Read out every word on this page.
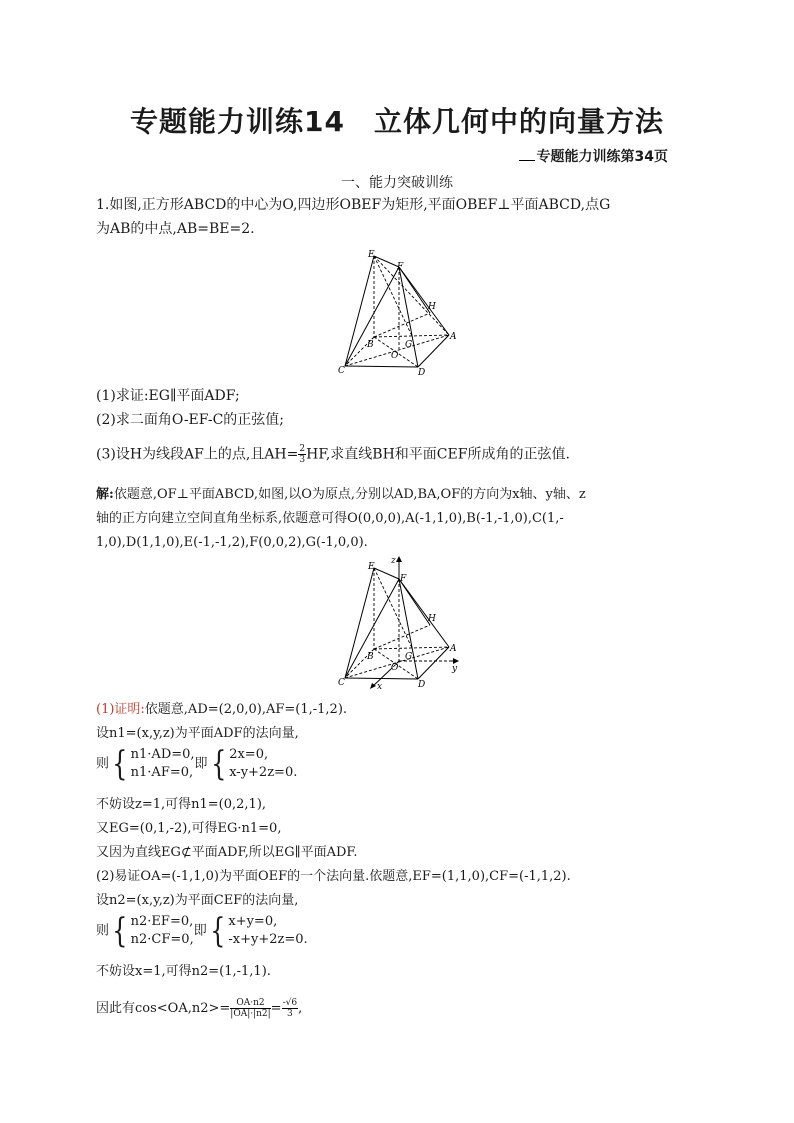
专题能力训练14　立体几何中的向量方法
专题能力训练第34页
一、能力突破训练
1.如图,正方形ABCD的中心为O,四边形OBEF为矩形,平面OBEF⊥平面ABCD,点G
为AB的中点,AB=BE=2.
E
F
H
A
B	G
O
C	D
(1)求证:EG∥平面ADF;
(2)求二面角O-EF-C的正弦值;
(3)设H为线段AF上的点,且$AH= \frac{2}{3}$ HF,求直线BH和平面CEF所成角的正弦值.
解:依题意,OF⊥平面ABCD,如图,以O为原点,分别以AD,BA,OF的方向为x轴、y轴、z
轴的正方向建立空间直角坐标系,依题意可得O(0,0,0),A(-1,1,0),B(-1,-1,0),C(1,-
1,0),D(1,1,0),E(-1,-1,2),F(0,0,2),G(-1,0,0).
z
y
x
E
F
H
A
B	G
O
C	D
(1)证明:依题意,AD=(2,0,0),AF=(1,-1,2).
设n1=(x,y,z)为平面ADF的法向量,
则{ n1·AD=0,
n1·AF=0,
即{ 2x=0,
x-y+2z=0.
不妨设z=1,可得n1=(0,2,1),
又EG=(0,1,-2),可得EG·n1=0,
又因为直线EG⊄平面ADF,所以EG∥平面ADF.
(2)易证OA=(-1,1,0)为平面OEF的一个法向量.依题意,EF=(1,1,0),CF=(-1,1,2).
设n2=(x,y,z)为平面CEF的法向量,
则{ n2·EF=0,
n2·CF=0,
即{ x+y=0,
-x+y+2z=0.
不妨设x=1,可得n2=(1,-1,1).
因此有$\cos<OA,n2>= \frac{OA\cdot n2}{|OA|\cdot|n2|} = \frac{-√6}{3}$ ,
